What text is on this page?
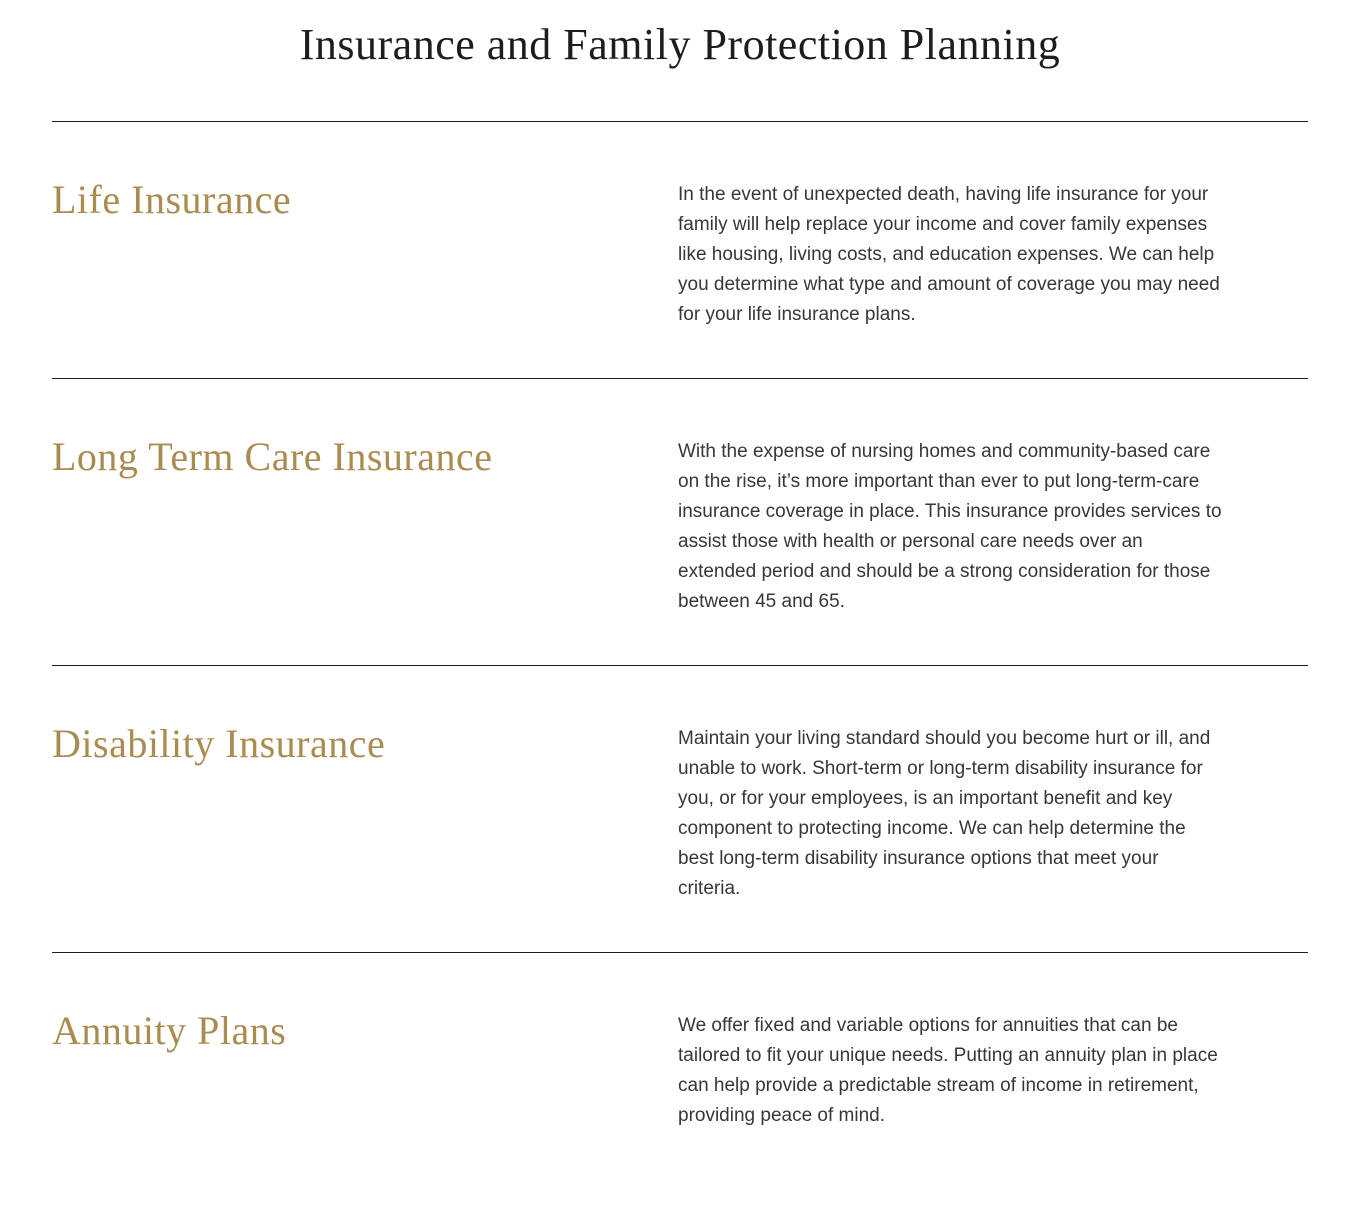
Insurance and Family Protection Planning
Life Insurance	In the event of unexpected death, having life insurance for your family will help replace your income and cover family expenses like housing, living costs, and education expenses. We can help you determine what type and amount of coverage you may need for your life insurance plans.

Long Term Care Insurance	With the expense of nursing homes and community-based care on the rise, it’s more important than ever to put long-term-care insurance coverage in place. This insurance provides services to assist those with health or personal care needs over an extended period and should be a strong consideration for those between 45 and 65.

Disability Insurance	Maintain your living standard should you become hurt or ill, and unable to work. Short-term or long-term disability insurance for you, or for your employees, is an important benefit and key component to protecting income. We can help determine the best long-term disability insurance options that meet your criteria.

Annuity Plans	We offer fixed and variable options for annuities that can be tailored to fit your unique needs. Putting an annuity plan in place can help provide a predictable stream of income in retirement, providing peace of mind.
